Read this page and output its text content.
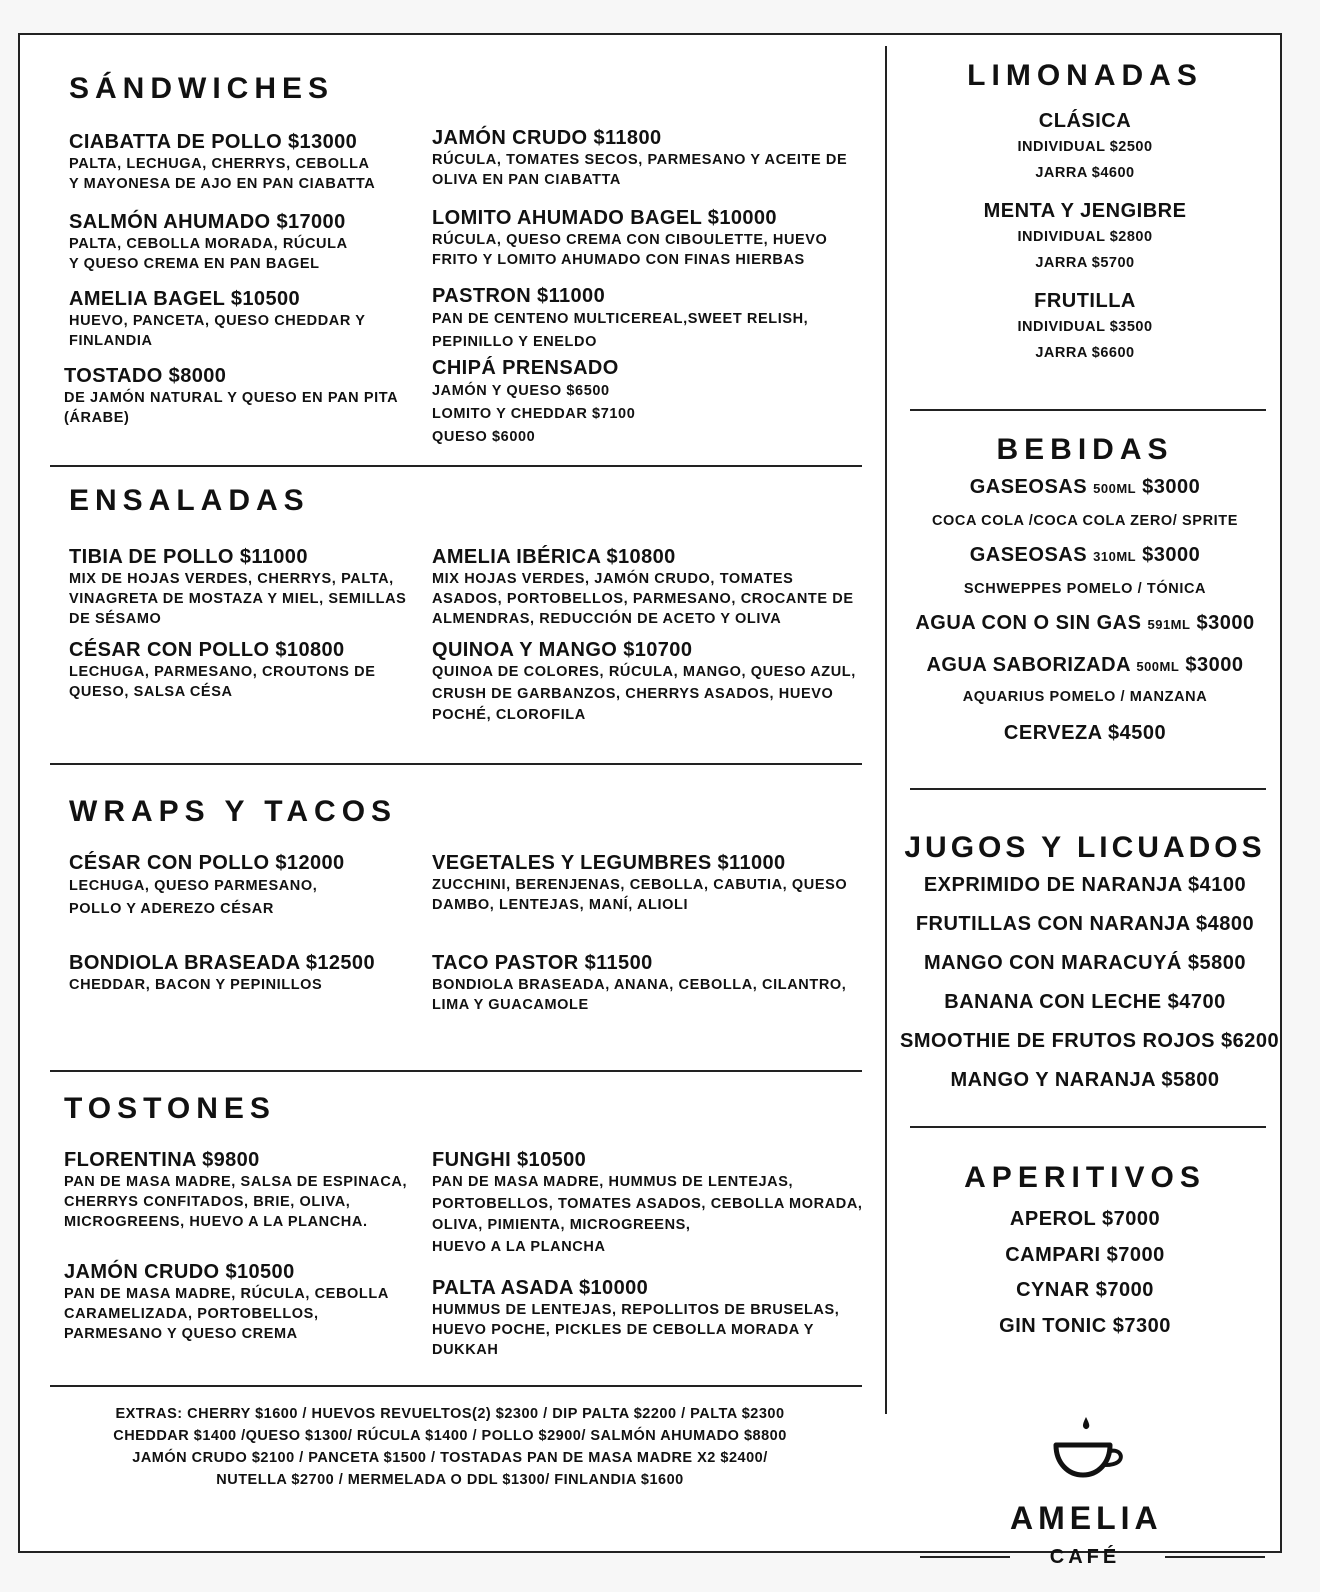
SÁNDWICHES
CIABATTA DE POLLO $13000
PALTA, LECHUGA, CHERRYS, CEBOLLA
Y MAYONESA DE AJO EN PAN CIABATTA
SALMÓN AHUMADO $17000
PALTA, CEBOLLA MORADA, RÚCULA
Y QUESO CREMA EN PAN BAGEL
AMELIA BAGEL $10500
HUEVO, PANCETA, QUESO CHEDDAR Y
FINLANDIA
TOSTADO $8000
DE JAMÓN NATURAL Y QUESO EN PAN PITA
(ÁRABE)
JAMÓN CRUDO $11800
RÚCULA, TOMATES SECOS, PARMESANO Y ACEITE DE
OLIVA EN PAN CIABATTA
LOMITO AHUMADO BAGEL $10000
RÚCULA, QUESO CREMA CON CIBOULETTE, HUEVO
FRITO Y LOMITO AHUMADO CON FINAS HIERBAS
PASTRON $11000
PAN DE CENTENO MULTICEREAL,SWEET RELISH,
PEPINILLO Y ENELDO
CHIPÁ PRENSADO
JAMÓN Y QUESO $6500
LOMITO Y CHEDDAR $7100
QUESO $6000
ENSALADAS
TIBIA DE POLLO $11000
MIX DE HOJAS VERDES, CHERRYS, PALTA,
VINAGRETA DE MOSTAZA Y MIEL, SEMILLAS
DE SÉSAMO
CÉSAR CON POLLO $10800
LECHUGA, PARMESANO, CROUTONS DE
QUESO, SALSA CÉSA
AMELIA IBÉRICA $10800
MIX HOJAS VERDES, JAMÓN CRUDO, TOMATES
ASADOS, PORTOBELLOS, PARMESANO, CROCANTE DE
ALMENDRAS, REDUCCIÓN DE ACETO Y OLIVA
QUINOA Y MANGO $10700
QUINOA DE COLORES, RÚCULA, MANGO, QUESO AZUL,
CRUSH DE GARBANZOS, CHERRYS ASADOS, HUEVO
POCHÉ, CLOROFILA
WRAPS Y TACOS
CÉSAR CON POLLO $12000
LECHUGA, QUESO PARMESANO,
POLLO Y ADEREZO CÉSAR
BONDIOLA BRASEADA $12500
CHEDDAR, BACON Y PEPINILLOS
VEGETALES Y LEGUMBRES $11000
ZUCCHINI, BERENJENAS, CEBOLLA, CABUTIA, QUESO
DAMBO, LENTEJAS, MANÍ, ALIOLI
TACO PASTOR $11500
BONDIOLA BRASEADA, ANANA, CEBOLLA, CILANTRO,
LIMA Y GUACAMOLE
TOSTONES
FLORENTINA $9800
PAN DE MASA MADRE, SALSA DE ESPINACA,
CHERRYS CONFITADOS, BRIE, OLIVA,
MICROGREENS, HUEVO A LA PLANCHA.
JAMÓN CRUDO $10500
PAN DE MASA MADRE, RÚCULA, CEBOLLA
CARAMELIZADA, PORTOBELLOS,
PARMESANO Y QUESO CREMA
FUNGHI $10500
PAN DE MASA MADRE, HUMMUS DE LENTEJAS,
PORTOBELLOS, TOMATES ASADOS, CEBOLLA MORADA,
OLIVA, PIMIENTA, MICROGREENS,
HUEVO A LA PLANCHA
PALTA ASADA $10000
HUMMUS DE LENTEJAS, REPOLLITOS DE BRUSELAS,
HUEVO POCHE, PICKLES DE CEBOLLA MORADA Y
DUKKAH
EXTRAS: CHERRY $1600 / HUEVOS REVUELTOS(2) $2300 / DIP PALTA $2200 / PALTA $2300
CHEDDAR $1400 /QUESO $1300/ RÚCULA $1400 / POLLO $2900/ SALMÓN AHUMADO $8800
JAMÓN CRUDO $2100 / PANCETA $1500 / TOSTADAS PAN DE MASA MADRE X2 $2400/
NUTELLA $2700 / MERMELADA O DDL $1300/ FINLANDIA $1600
LIMONADAS
CLÁSICA
INDIVIDUAL $2500
JARRA $4600
MENTA Y JENGIBRE
INDIVIDUAL $2800
JARRA $5700
FRUTILLA
INDIVIDUAL $3500
JARRA $6600
BEBIDAS
GASEOSAS 500ML $3000
COCA COLA /COCA COLA ZERO/ SPRITE
GASEOSAS 310ML $3000
SCHWEPPES POMELO / TÓNICA
AGUA CON O SIN GAS 591ML $3000
AGUA SABORIZADA 500ML $3000
AQUARIUS POMELO / MANZANA
CERVEZA $4500
JUGOS Y LICUADOS
EXPRIMIDO DE NARANJA $4100
FRUTILLAS CON NARANJA $4800
MANGO CON MARACUYÁ $5800
BANANA CON LECHE $4700
SMOOTHIE DE FRUTOS ROJOS $6200
MANGO Y NARANJA $5800
APERITIVOS
APEROL $7000
CAMPARI $7000
CYNAR $7000
GIN TONIC $7300
AMELIA
CAFÉ
